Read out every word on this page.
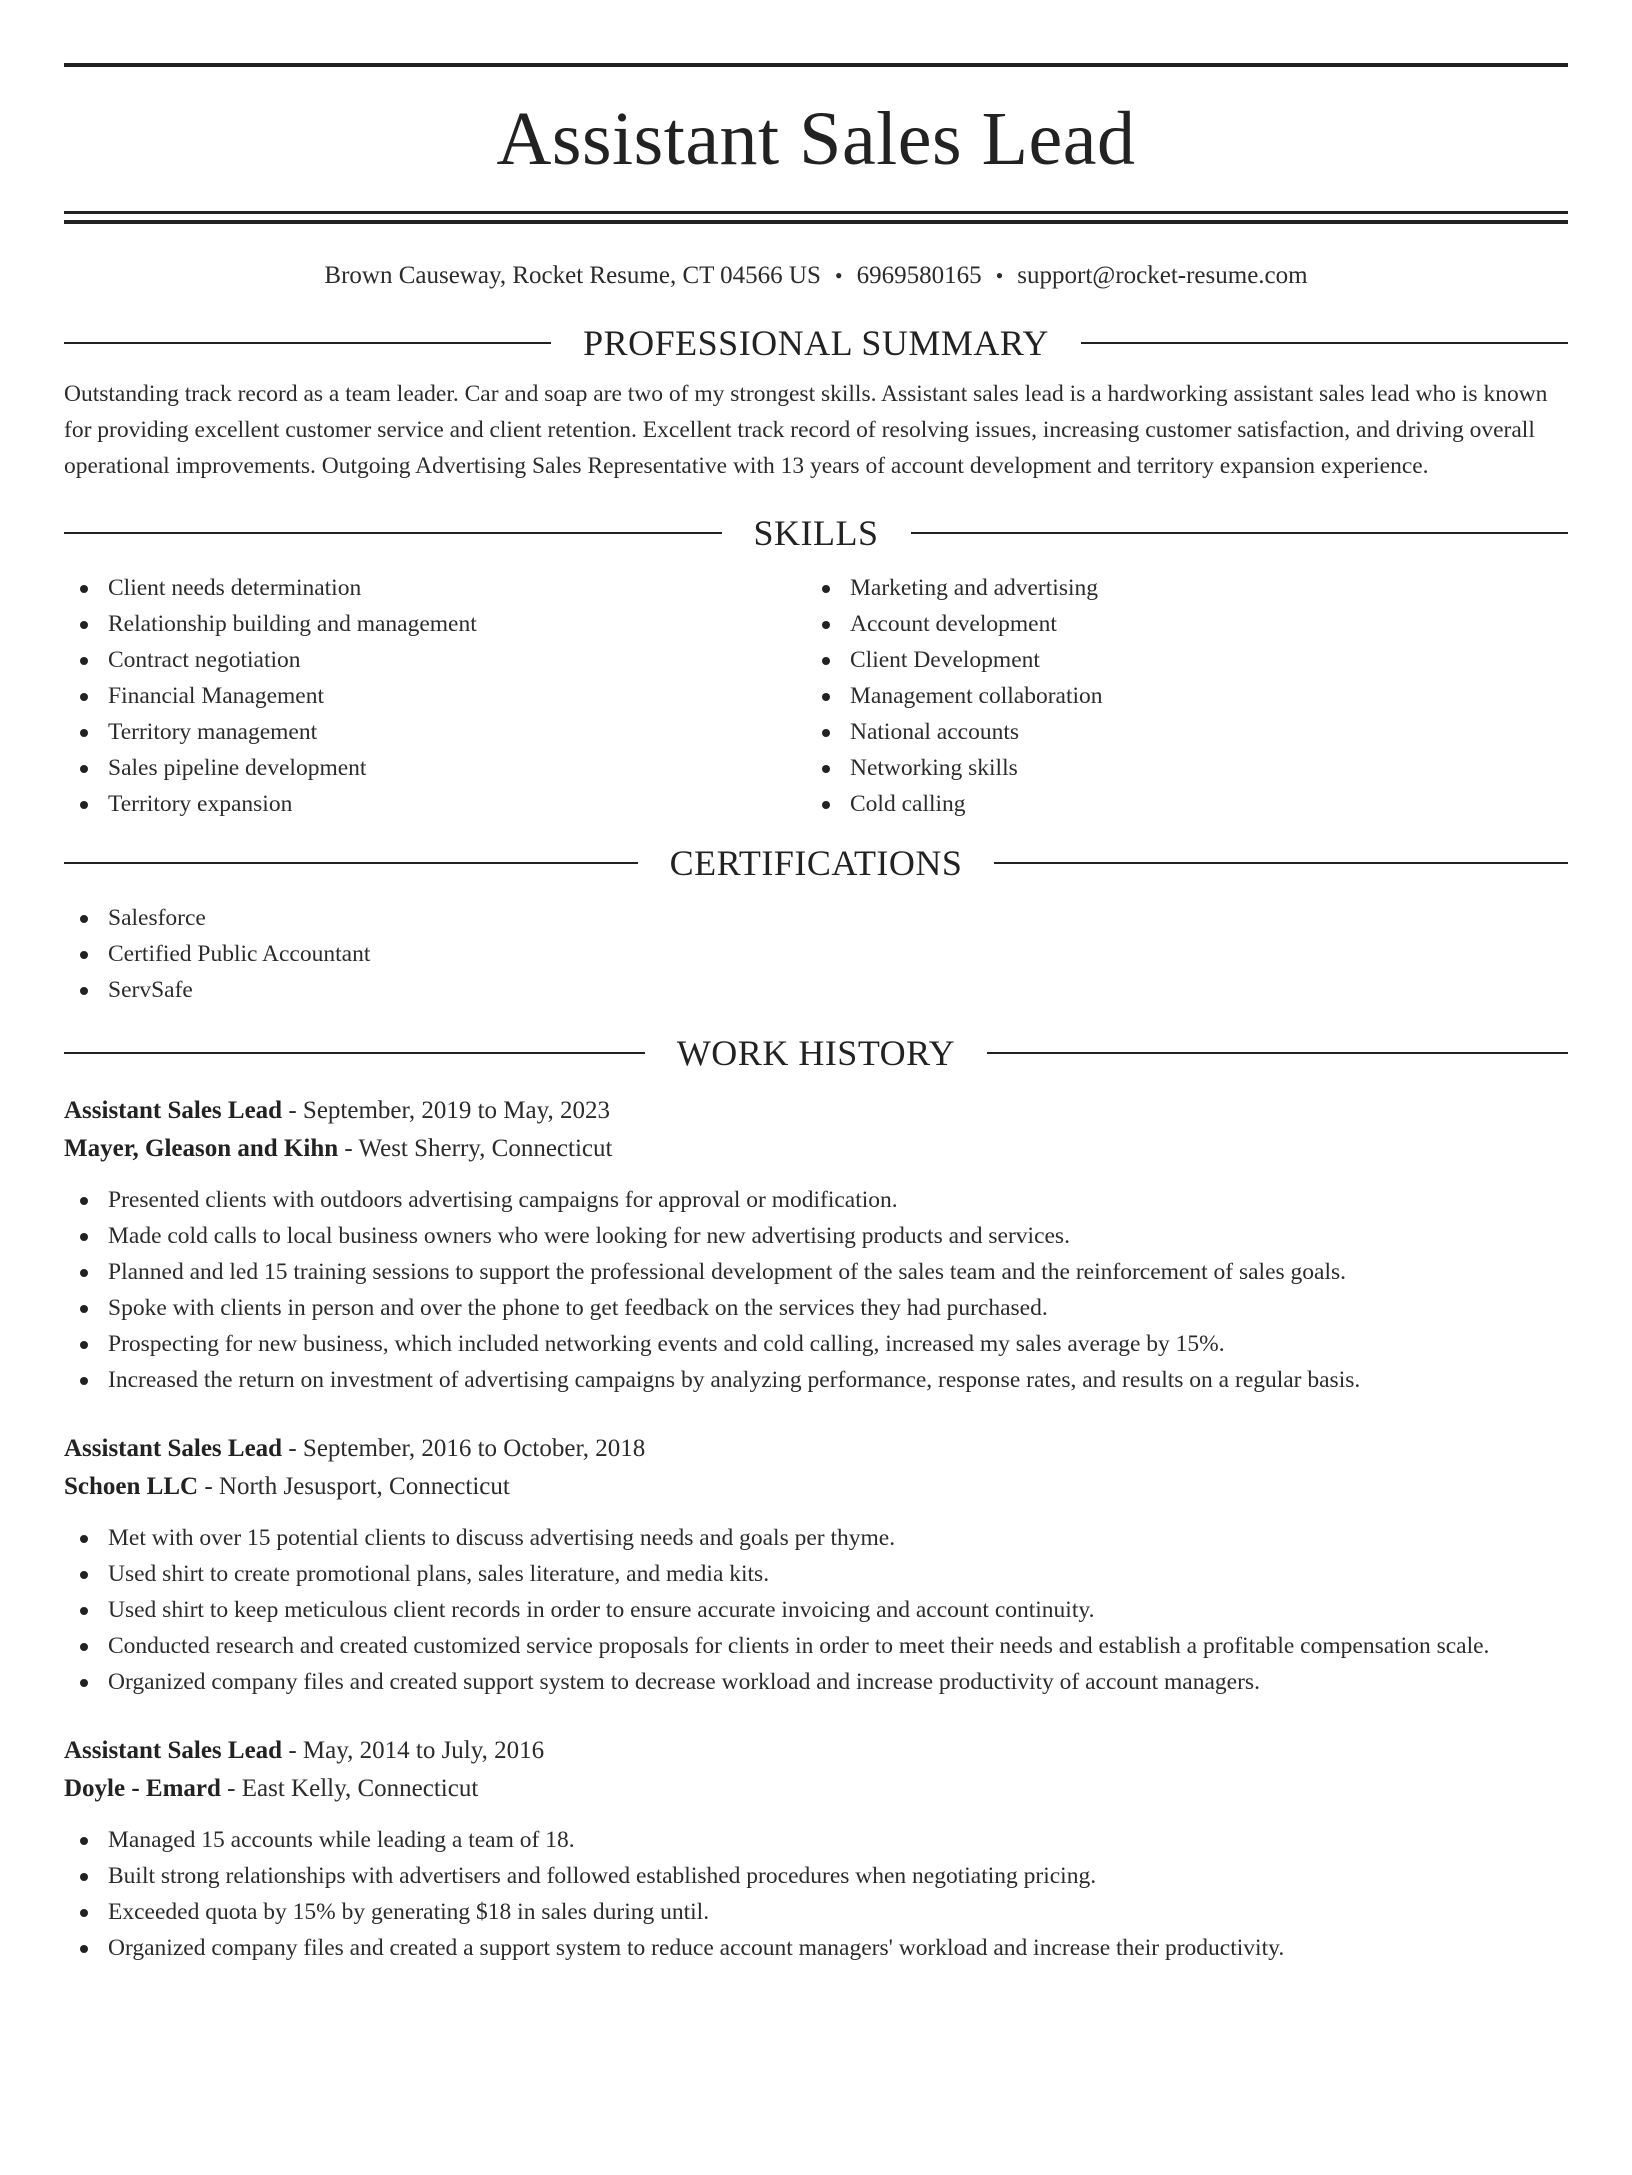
Assistant Sales Lead
Brown Causeway, Rocket Resume, CT 04566 US • 6969580165 • support@rocket-resume.com
PROFESSIONAL SUMMARY
Outstanding track record as a team leader. Car and soap are two of my strongest skills. Assistant sales lead is a hardworking assistant sales lead who is known for providing excellent customer service and client retention. Excellent track record of resolving issues, increasing customer satisfaction, and driving overall operational improvements. Outgoing Advertising Sales Representative with 13 years of account development and territory expansion experience.
SKILLS
Client needs determination
Relationship building and management
Contract negotiation
Financial Management
Territory management
Sales pipeline development
Territory expansion
Marketing and advertising
Account development
Client Development
Management collaboration
National accounts
Networking skills
Cold calling
CERTIFICATIONS
Salesforce
Certified Public Accountant
ServSafe
WORK HISTORY
Assistant Sales Lead - September, 2019 to May, 2023
Mayer, Gleason and Kihn - West Sherry, Connecticut
Presented clients with outdoors advertising campaigns for approval or modification.
Made cold calls to local business owners who were looking for new advertising products and services.
Planned and led 15 training sessions to support the professional development of the sales team and the reinforcement of sales goals.
Spoke with clients in person and over the phone to get feedback on the services they had purchased.
Prospecting for new business, which included networking events and cold calling, increased my sales average by 15%.
Increased the return on investment of advertising campaigns by analyzing performance, response rates, and results on a regular basis.
Assistant Sales Lead - September, 2016 to October, 2018
Schoen LLC - North Jesusport, Connecticut
Met with over 15 potential clients to discuss advertising needs and goals per thyme.
Used shirt to create promotional plans, sales literature, and media kits.
Used shirt to keep meticulous client records in order to ensure accurate invoicing and account continuity.
Conducted research and created customized service proposals for clients in order to meet their needs and establish a profitable compensation scale.
Organized company files and created support system to decrease workload and increase productivity of account managers.
Assistant Sales Lead - May, 2014 to July, 2016
Doyle - Emard - East Kelly, Connecticut
Managed 15 accounts while leading a team of 18.
Built strong relationships with advertisers and followed established procedures when negotiating pricing.
Exceeded quota by 15% by generating $18 in sales during until.
Organized company files and created a support system to reduce account managers' workload and increase their productivity.
